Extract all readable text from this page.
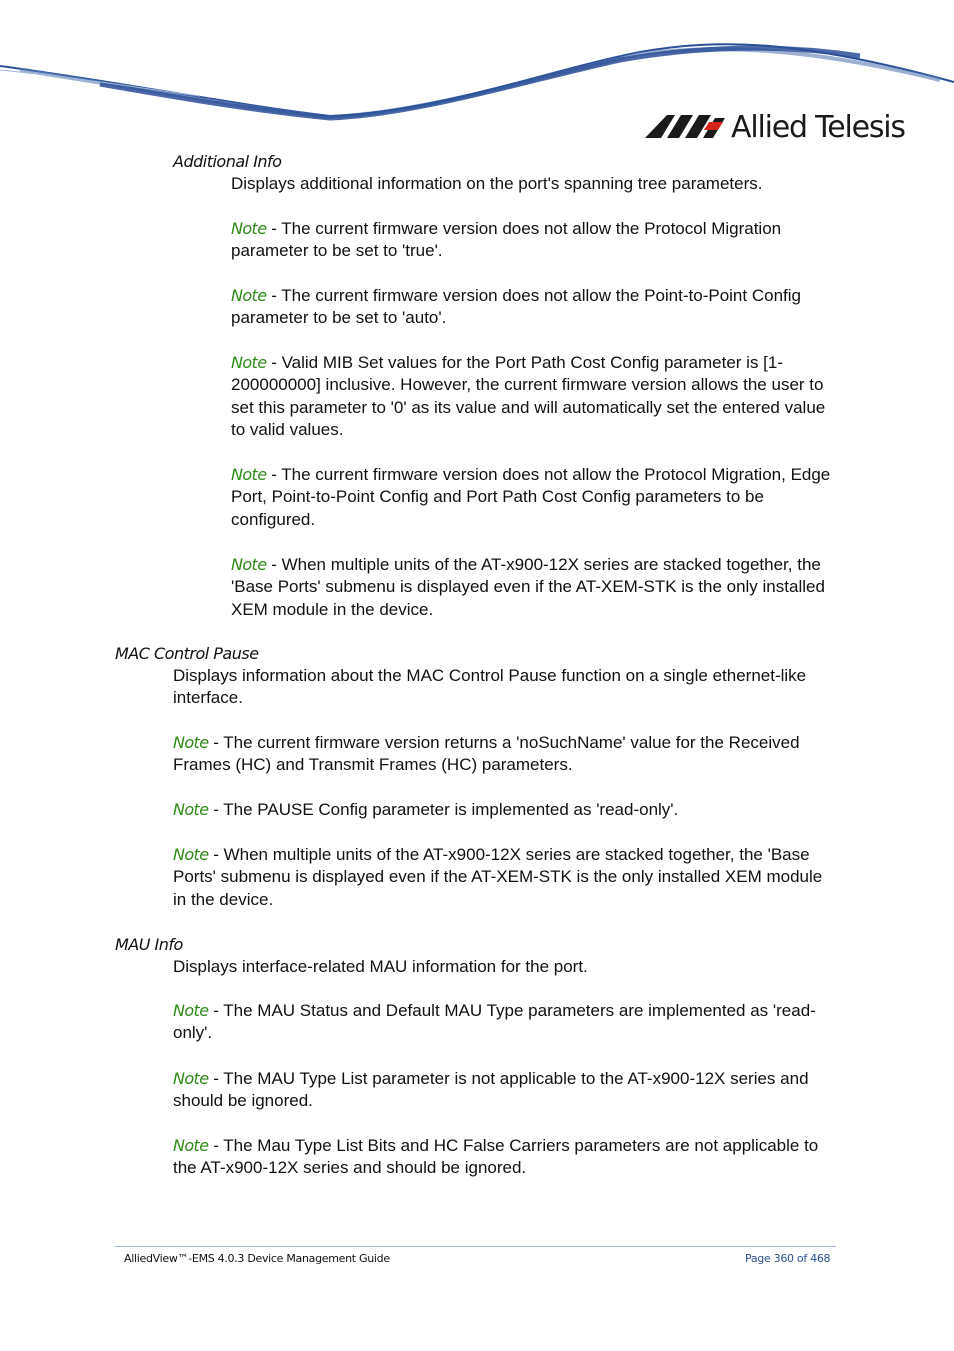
Allied Telesis
Additional Info

Displays additional information on the port's spanning tree parameters.

Note - The current firmware version does not allow the Protocol Migration parameter to be set to 'true'.

Note - The current firmware version does not allow the Point-to-Point Config parameter to be set to 'auto'.

Note - Valid MIB Set values for the Port Path Cost Config parameter is [1-200000000] inclusive. However, the current firmware version allows the user to set this parameter to '0' as its value and will automatically set the entered value to valid values.

Note - The current firmware version does not allow the Protocol Migration, Edge Port, Point-to-Point Config and Port Path Cost Config parameters to be configured.

Note - When multiple units of the AT-x900-12X series are stacked together, the 'Base Ports' submenu is displayed even if the AT-XEM-STK is the only installed XEM module in the device.

MAC Control Pause

Displays information about the MAC Control Pause function on a single ethernet-like interface.

Note - The current firmware version returns a 'noSuchName' value for the Received Frames (HC) and Transmit Frames (HC) parameters.

Note - The PAUSE Config parameter is implemented as 'read-only'.

Note - When multiple units of the AT-x900-12X series are stacked together, the 'Base Ports' submenu is displayed even if the AT-XEM-STK is the only installed XEM module in the device.

MAU Info

Displays interface-related MAU information for the port.

Note - The MAU Status and Default MAU Type parameters are implemented as 'read-only'.

Note - The MAU Type List parameter is not applicable to the AT-x900-12X series and should be ignored.

Note - The Mau Type List Bits and HC False Carriers parameters are not applicable to the AT-x900-12X series and should be ignored.

AlliedView™-EMS 4.0.3 Device Management Guide	Page 360 of 468
